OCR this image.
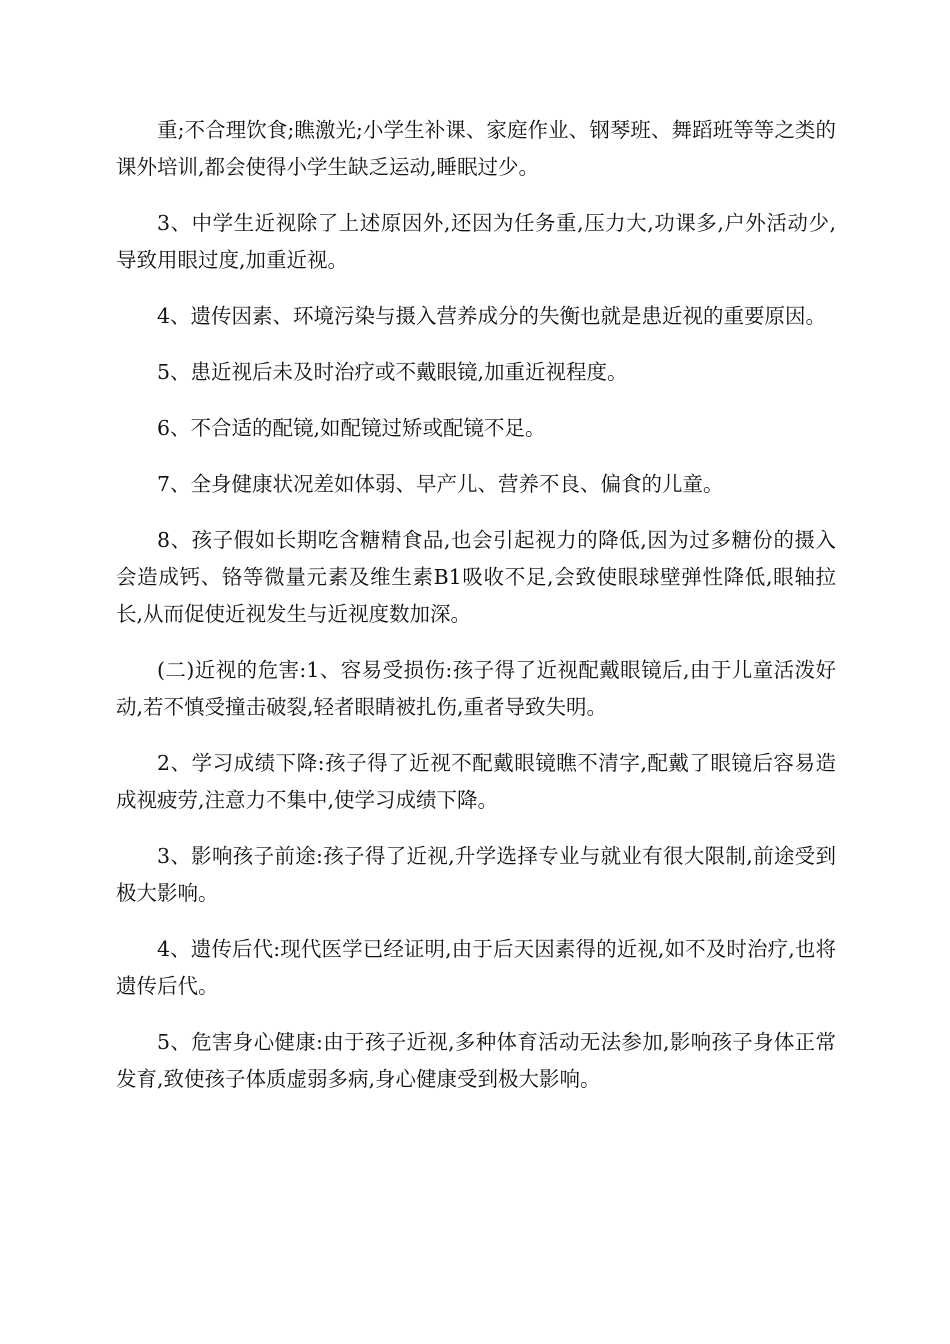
重;不合理饮食;瞧激光;小学生补课、家庭作业、钢琴班、舞蹈班等等之类的课外培训,都会使得小学生缺乏运动,睡眠过少。

3、中学生近视除了上述原因外,还因为任务重,压力大,功课多,户外活动少,导致用眼过度,加重近视。

4、遗传因素、环境污染与摄入营养成分的失衡也就是患近视的重要原因。

5、患近视后未及时治疗或不戴眼镜,加重近视程度。

6、不合适的配镜,如配镜过矫或配镜不足。

7、全身健康状况差如体弱、早产儿、营养不良、偏食的儿童。

8、孩子假如长期吃含糖精食品,也会引起视力的降低,因为过多糖份的摄入会造成钙、铬等微量元素及维生素B1吸收不足,会致使眼球壁弹性降低,眼轴拉长,从而促使近视发生与近视度数加深。

(二)近视的危害:1、容易受损伤:孩子得了近视配戴眼镜后,由于儿童活泼好动,若不慎受撞击破裂,轻者眼睛被扎伤,重者导致失明。

2、学习成绩下降:孩子得了近视不配戴眼镜瞧不清字,配戴了眼镜后容易造成视疲劳,注意力不集中,使学习成绩下降。

3、影响孩子前途:孩子得了近视,升学选择专业与就业有很大限制,前途受到极大影响。

4、遗传后代:现代医学已经证明,由于后天因素得的近视,如不及时治疗,也将遗传后代。

5、危害身心健康:由于孩子近视,多种体育活动无法参加,影响孩子身体正常发育,致使孩子体质虚弱多病,身心健康受到极大影响。
